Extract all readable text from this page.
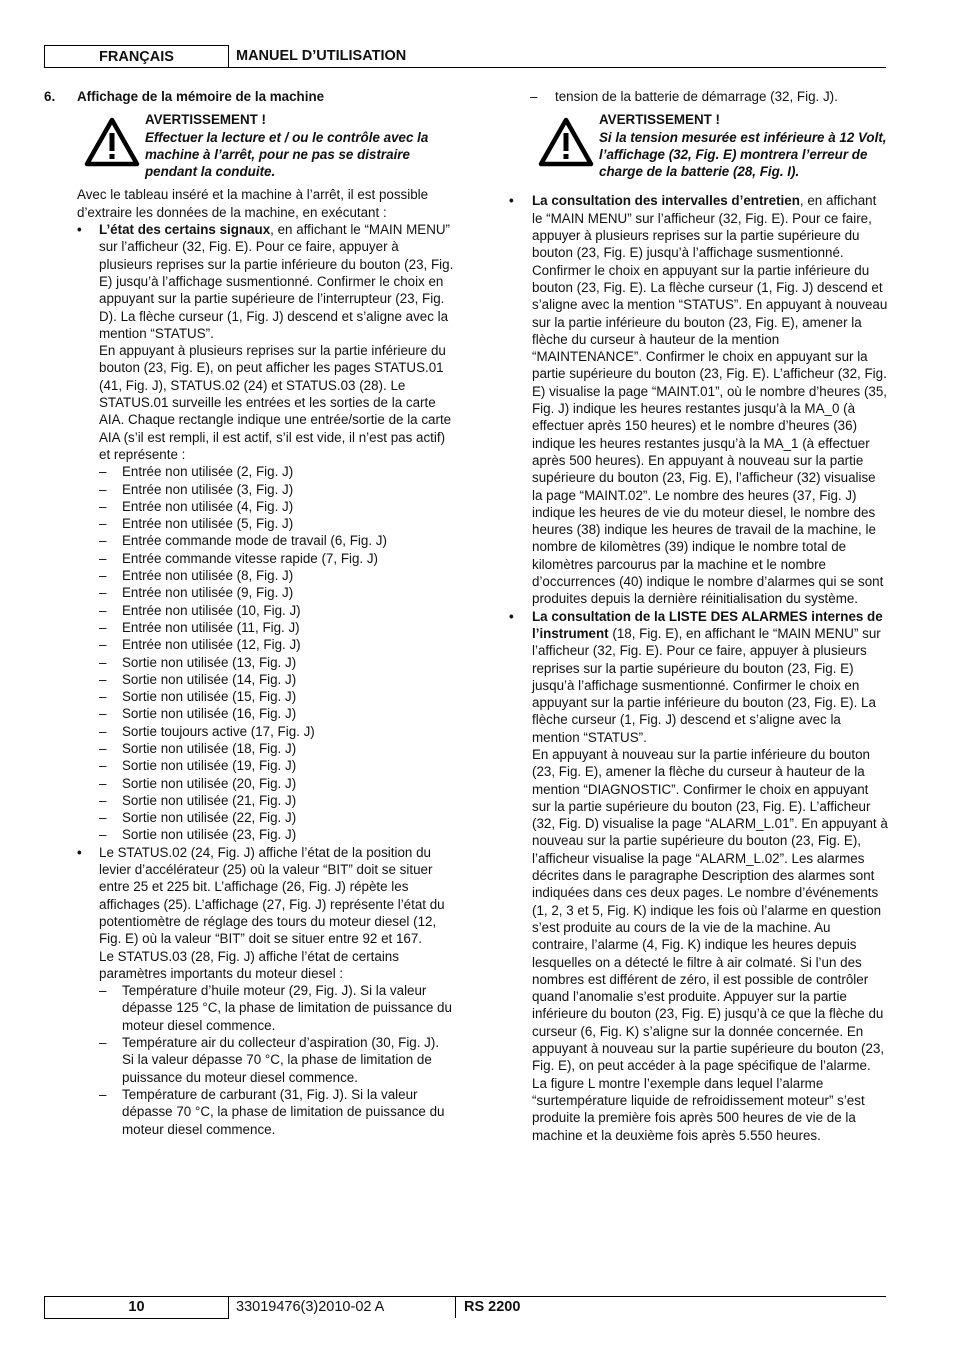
FRANÇAIS	MANUEL D’UTILISATION

6. Affichage de la mémoire de la machine

AVERTISSEMENT !
Effectuer la lecture et / ou le contrôle avec la machine à l’arrêt, pour ne pas se distraire pendant la conduite.

Avec le tableau inséré et la machine à l’arrêt, il est possible d’extraire les données de la machine, en exécutant :

• L’état des certains signaux, en affichant le “MAIN MENU” sur l’afficheur (32, Fig. E). Pour ce faire, appuyer à plusieurs reprises sur la partie inférieure du bouton (23, Fig. E) jusqu’à l’affichage susmentionné. Confirmer le choix en appuyant sur la partie supérieure de l’interrupteur (23, Fig. D). La flèche curseur (1, Fig. J) descend et s’aligne avec la mention “STATUS”.

En appuyant à plusieurs reprises sur la partie inférieure du bouton (23, Fig. E), on peut afficher les pages STATUS.01 (41, Fig. J), STATUS.02 (24) et STATUS.03 (28). Le STATUS.01 surveille les entrées et les sorties de la carte AIA. Chaque rectangle indique une entrée/sortie de la carte AIA (s’il est rempli, il est actif, s’il est vide, il n’est pas actif) et représente :

– Entrée non utilisée (2, Fig. J)
– Entrée non utilisée (3, Fig. J)
– Entrée non utilisée (4, Fig. J)
– Entrée non utilisée (5, Fig. J)
– Entrée commande mode de travail (6, Fig. J)
– Entrée commande vitesse rapide (7, Fig. J)
– Entrée non utilisée (8, Fig. J)
– Entrée non utilisée (9, Fig. J)
– Entrée non utilisée (10, Fig. J)
– Entrée non utilisée (11, Fig. J)
– Entrée non utilisée (12, Fig. J)
– Sortie non utilisée (13, Fig. J)
– Sortie non utilisée (14, Fig. J)
– Sortie non utilisée (15, Fig. J)
– Sortie non utilisée (16, Fig. J)
– Sortie toujours active (17, Fig. J)
– Sortie non utilisée (18, Fig. J)
– Sortie non utilisée (19, Fig. J)
– Sortie non utilisée (20, Fig. J)
– Sortie non utilisée (21, Fig. J)
– Sortie non utilisée (22, Fig. J)
– Sortie non utilisée (23, Fig. J)

• Le STATUS.02 (24, Fig. J) affiche l’état de la position du levier d’accélérateur (25) où la valeur “BIT” doit se situer entre 25 et 225 bit. L’affichage (26, Fig. J) répète les affichages (25). L’affichage (27, Fig. J) représente l’état du potentiomètre de réglage des tours du moteur diesel (12, Fig. E) où la valeur “BIT” doit se situer entre 92 et 167.

Le STATUS.03 (28, Fig. J) affiche l’état de certains paramètres importants du moteur diesel :

– Température d’huile moteur (29, Fig. J). Si la valeur dépasse 125 °C, la phase de limitation de puissance du moteur diesel commence.
– Température air du collecteur d’aspiration (30, Fig. J). Si la valeur dépasse 70 °C, la phase de limitation de puissance du moteur diesel commence.
– Température de carburant (31, Fig. J). Si la valeur dépasse 70 °C, la phase de limitation de puissance du moteur diesel commence.

– tension de la batterie de démarrage (32, Fig. J).

AVERTISSEMENT !
Si la tension mesurée est inférieure à 12 Volt, l’affichage (32, Fig. E) montrera l’erreur de charge de la batterie (28, Fig. I).
• La consultation des intervalles d’entretien, en affichant le “MAIN MENU” sur l’afficheur (32, Fig. E). Pour ce faire, appuyer à plusieurs reprises sur la partie supérieure du bouton (23, Fig. E) jusqu’à l’affichage susmentionné. Confirmer le choix en appuyant sur la partie inférieure du bouton (23, Fig. E). La flèche curseur (1, Fig. J) descend et s’aligne avec la mention “STATUS”. En appuyant à nouveau sur la partie inférieure du bouton (23, Fig. E), amener la flèche du curseur à hauteur de la mention “MAINTENANCE”. Confirmer le choix en appuyant sur la partie supérieure du bouton (23, Fig. E). L’afficheur (32, Fig. E) visualise la page “MAINT.01”, où le nombre d’heures (35, Fig. J) indique les heures restantes jusqu’à la MA_0 (à effectuer après 150 heures) et le nombre d’heures (36) indique les heures restantes jusqu’à la MA_1 (à effectuer après 500 heures). En appuyant à nouveau sur la partie supérieure du bouton (23, Fig. E), l’afficheur (32) visualise la page “MAINT.02”. Le nombre des heures (37, Fig. J) indique les heures de vie du moteur diesel, le nombre des heures (38) indique les heures de travail de la machine, le nombre de kilomètres (39) indique le nombre total de kilomètres parcourus par la machine et le nombre d’occurrences (40) indique le nombre d’alarmes qui se sont produites depuis la dernière réinitialisation du système.
• La consultation de la LISTE DES ALARMES internes de l’instrument (18, Fig. E), en affichant le “MAIN MENU” sur l’afficheur (32, Fig. E). Pour ce faire, appuyer à plusieurs reprises sur la partie supérieure du bouton (23, Fig. E) jusqu’à l’affichage susmentionné. Confirmer le choix en appuyant sur la partie inférieure du bouton (23, Fig. E). La flèche curseur (1, Fig. J) descend et s’aligne avec la mention “STATUS”.

En appuyant à nouveau sur la partie inférieure du bouton (23, Fig. E), amener la flèche du curseur à hauteur de la mention “DIAGNOSTIC”. Confirmer le choix en appuyant sur la partie supérieure du bouton (23, Fig. E). L’afficheur (32, Fig. D) visualise la page “ALARM_L.01”. En appuyant à nouveau sur la partie supérieure du bouton (23, Fig. E), l’afficheur visualise la page “ALARM_L.02”. Les alarmes décrites dans le paragraphe Description des alarmes sont indiquées dans ces deux pages. Le nombre d’événements (1, 2, 3 et 5, Fig. K) indique les fois où l’alarme en question s’est produite au cours de la vie de la machine. Au contraire, l’alarme (4, Fig. K) indique les heures depuis lesquelles on a détecté le filtre à air colmaté. Si l’un des nombres est différent de zéro, il est possible de contrôler quand l’anomalie s’est produite. Appuyer sur la partie inférieure du bouton (23, Fig. E) jusqu’à ce que la flèche du curseur (6, Fig. K) s’aligne sur la donnée concernée. En appuyant à nouveau sur la partie supérieure du bouton (23, Fig. E), on peut accéder à la page spécifique de l’alarme. La figure L montre l’exemple dans lequel l’alarme “surtempérature liquide de refroidissement moteur” s’est produite la première fois après 500 heures de vie de la machine et la deuxième fois après 5.550 heures.

10	33019476(3)2010-02 A	RS 2200
